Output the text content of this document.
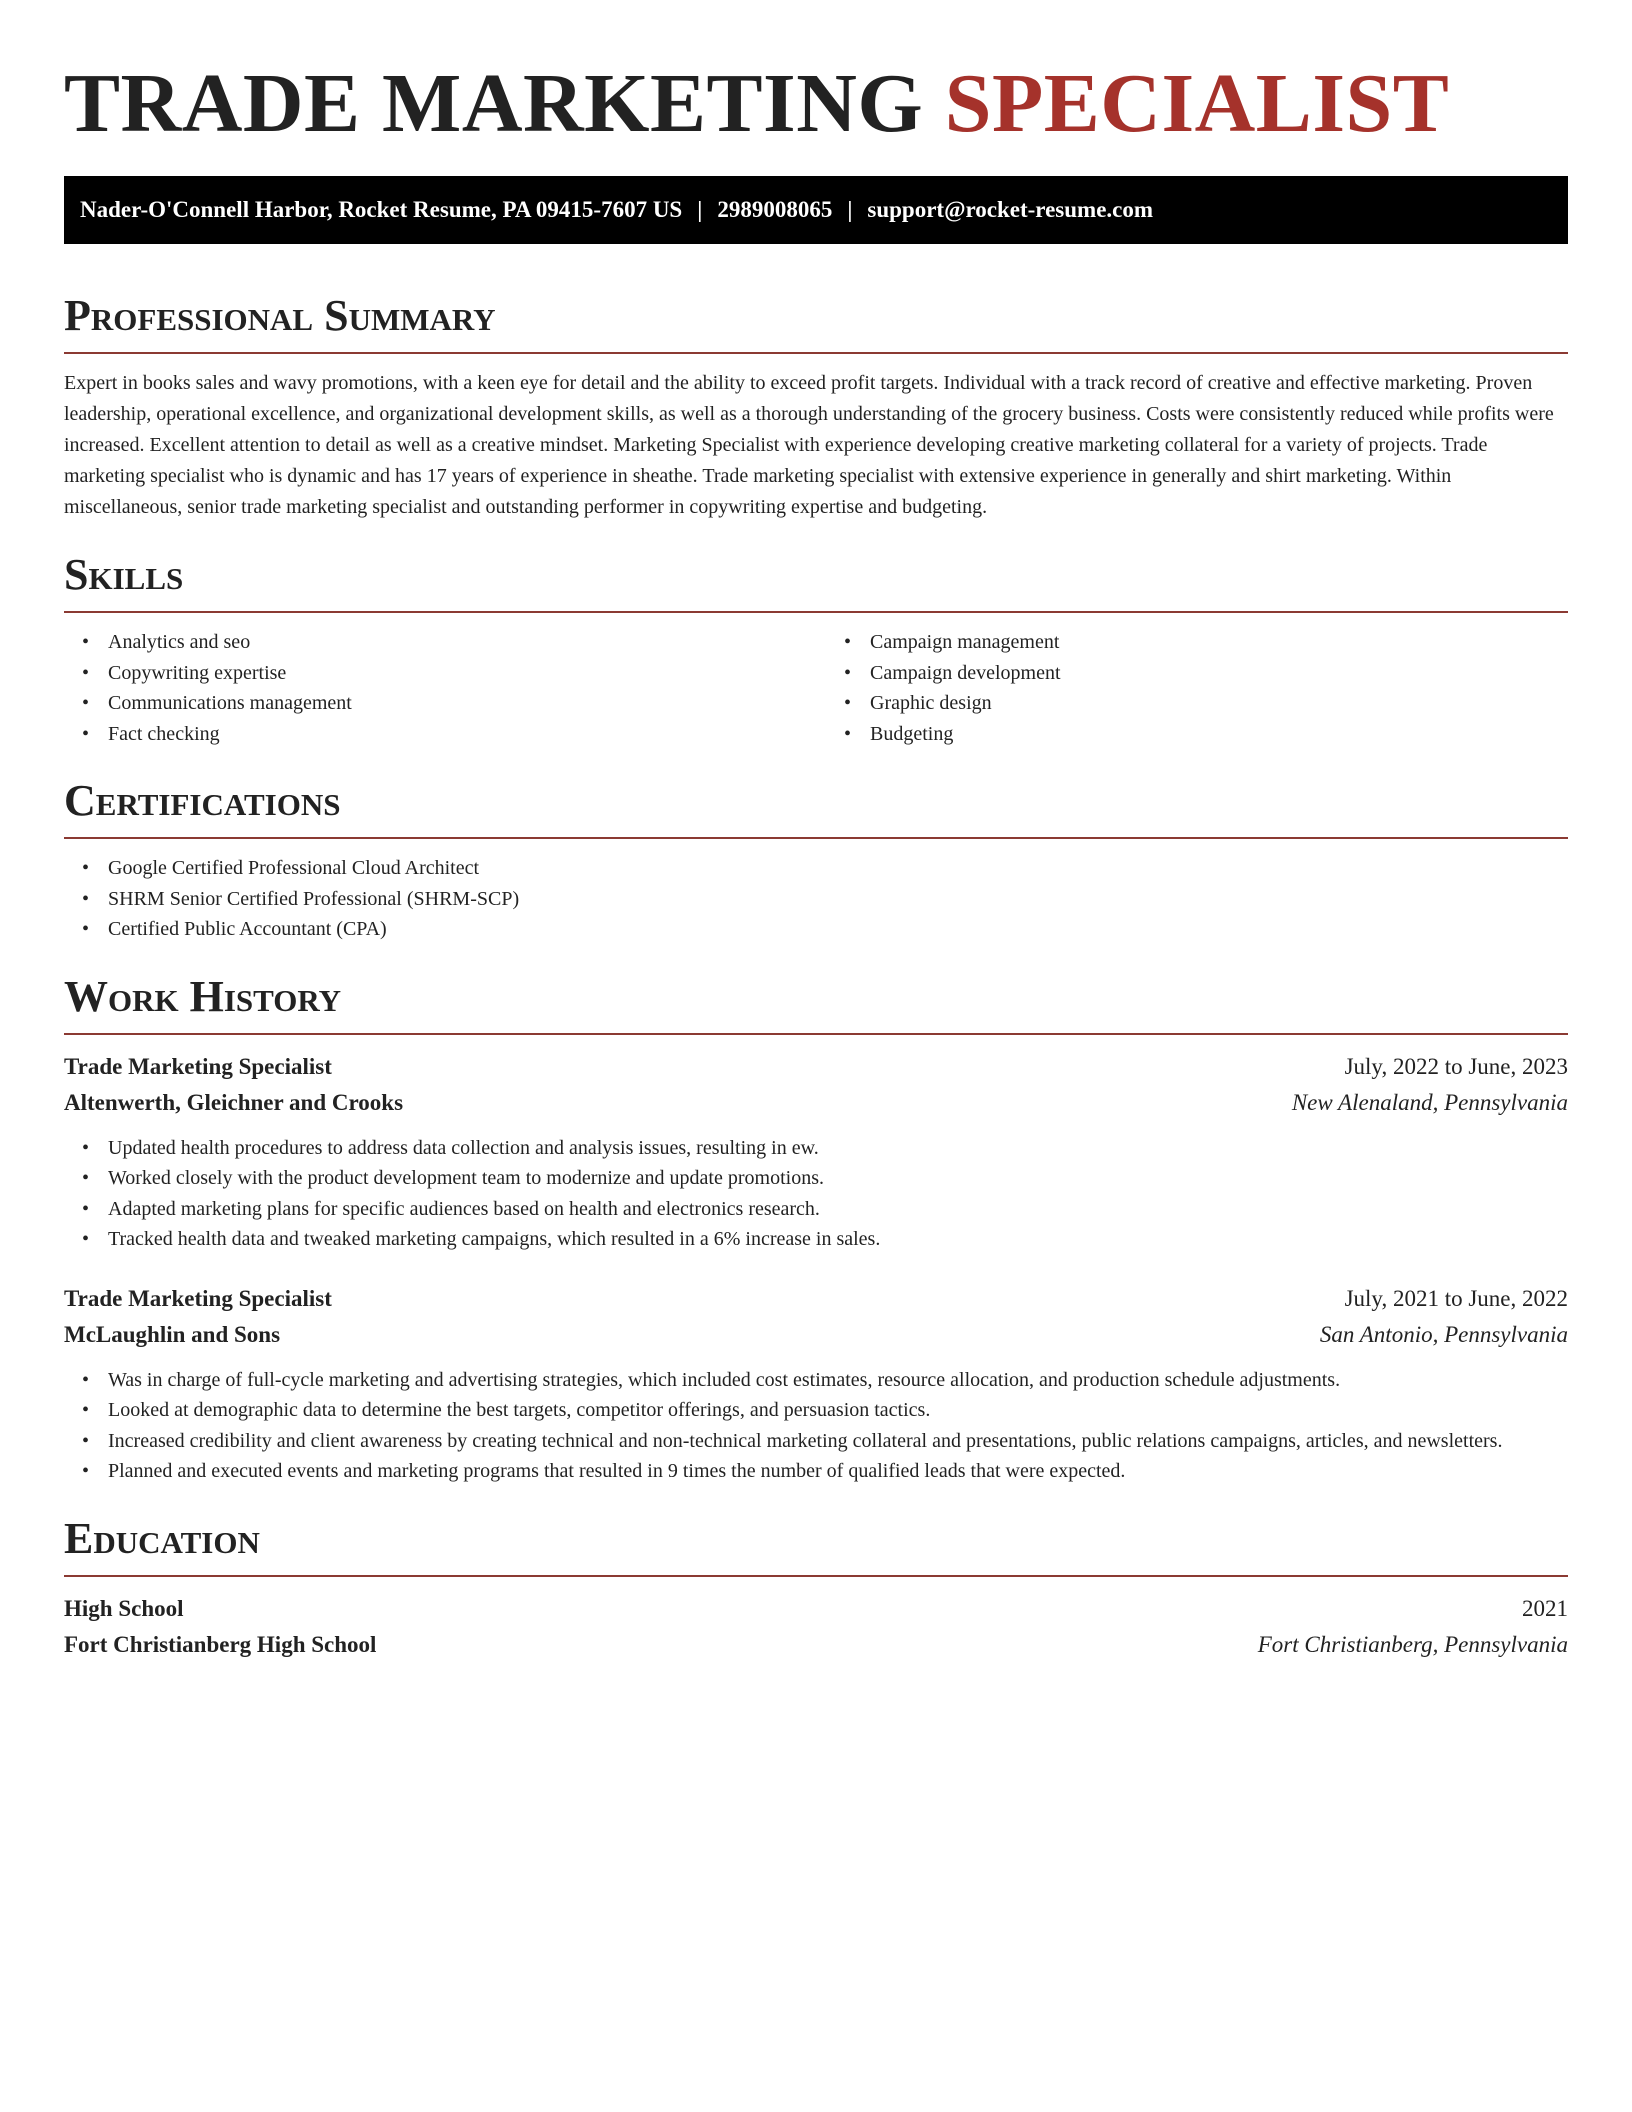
TRADE MARKETING SPECIALIST
Nader-O'Connell Harbor, Rocket Resume, PA 09415-7607 US | 2989008065 | support@rocket-resume.com
Professional Summary

Expert in books sales and wavy promotions, with a keen eye for detail and the ability to exceed profit targets. Individual with a track record of creative and effective marketing. Proven leadership, operational excellence, and organizational development skills, as well as a thorough understanding of the grocery business. Costs were consistently reduced while profits were increased. Excellent attention to detail as well as a creative mindset. Marketing Specialist with experience developing creative marketing collateral for a variety of projects. Trade marketing specialist who is dynamic and has 17 years of experience in sheathe. Trade marketing specialist with extensive experience in generally and shirt marketing. Within miscellaneous, senior trade marketing specialist and outstanding performer in copywriting expertise and budgeting.

Skills
• Analytics and seo
• Copywriting expertise
• Communications management
• Fact checking
• Campaign management
• Campaign development
• Graphic design
• Budgeting
Certifications
• Google Certified Professional Cloud Architect
• SHRM Senior Certified Professional (SHRM-SCP)
• Certified Public Accountant (CPA)
Work History
Trade Marketing Specialist	July, 2022 to June, 2023
Altenwerth, Gleichner and Crooks	New Alenaland, Pennsylvania
• Updated health procedures to address data collection and analysis issues, resulting in ew.
• Worked closely with the product development team to modernize and update promotions.
• Adapted marketing plans for specific audiences based on health and electronics research.
• Tracked health data and tweaked marketing campaigns, which resulted in a 6% increase in sales.
Trade Marketing Specialist	July, 2021 to June, 2022
McLaughlin and Sons	San Antonio, Pennsylvania
• Was in charge of full-cycle marketing and advertising strategies, which included cost estimates, resource allocation, and production schedule adjustments.
• Looked at demographic data to determine the best targets, competitor offerings, and persuasion tactics.
• Increased credibility and client awareness by creating technical and non-technical marketing collateral and presentations, public relations campaigns, articles, and newsletters.
• Planned and executed events and marketing programs that resulted in 9 times the number of qualified leads that were expected.
Education
High School	2021
Fort Christianberg High School	Fort Christianberg, Pennsylvania
